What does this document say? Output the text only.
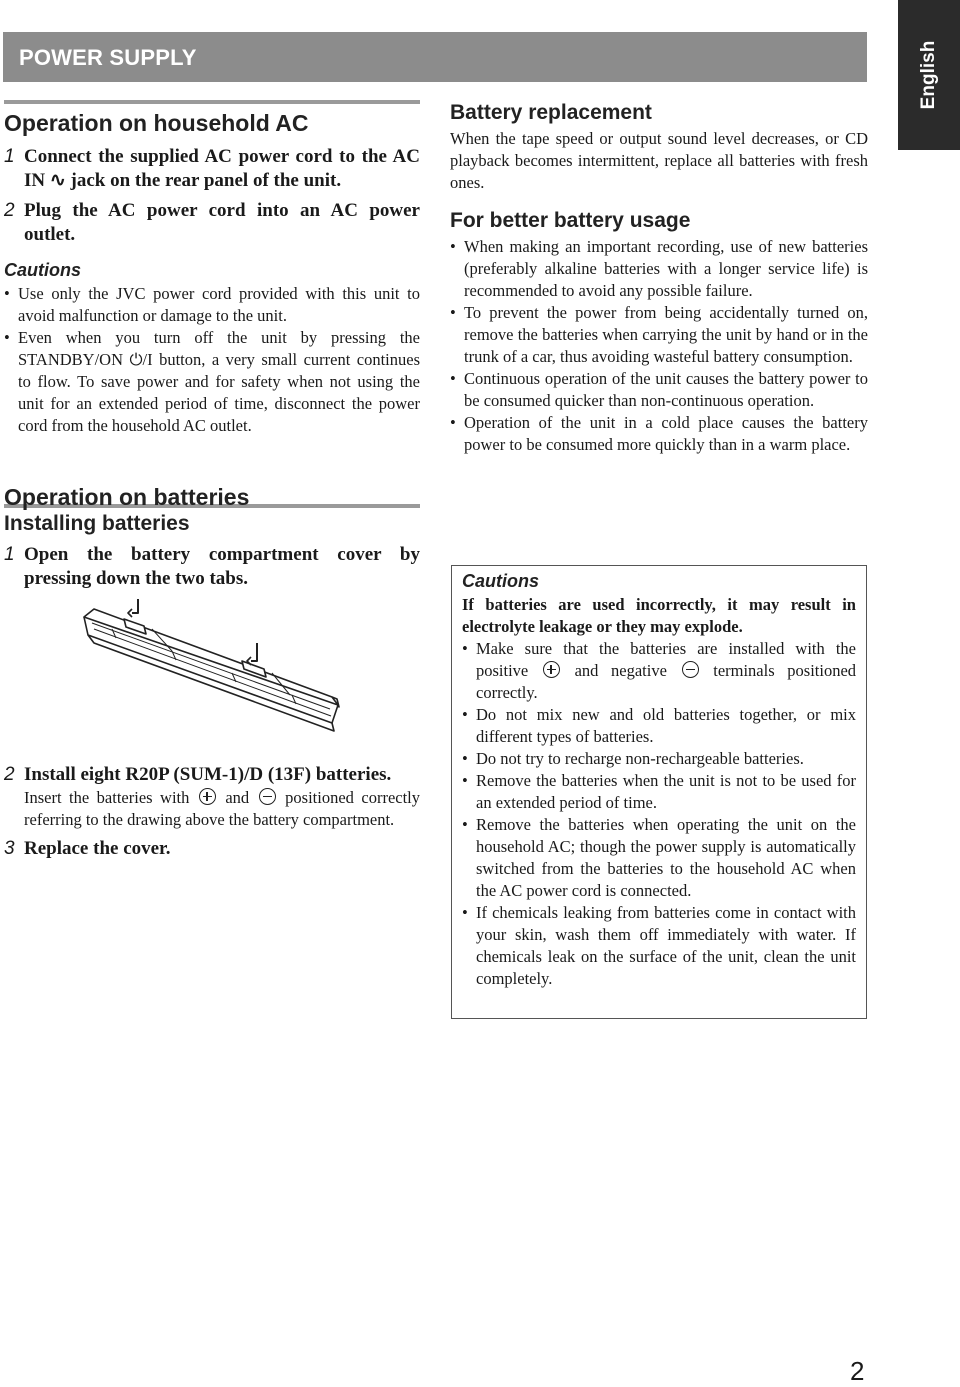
POWER SUPPLY	English
Operation on household AC
1 Connect the supplied AC power cord to the AC IN ∿ jack on the rear panel of the unit.
2 Plug the AC power cord into an AC power outlet.
Cautions
• Use only the JVC power cord provided with this unit to avoid malfunction or damage to the unit.
• Even when you turn off the unit by pressing the STANDBY/ON ⏻/I button, a very small current continues to flow. To save power and for safety when not using the unit for an extended period of time, disconnect the power cord from the household AC outlet.
Operation on batteries
Installing batteries
1 Open the battery compartment cover by pressing down the two tabs.
2 Install eight R20P (SUM-1)/D (13F) batteries.
Insert the batteries with and positioned correctly referring to the drawing above the battery compartment.
3 Replace the cover.
Battery replacement
When the tape speed or output sound level decreases, or CD playback becomes intermittent, replace all batteries with fresh ones.
For better battery usage
• When making an important recording, use of new batteries (preferably alkaline batteries with a longer service life) is recommended to avoid any possible failure.
• To prevent the power from being accidentally turned on, remove the batteries when carrying the unit by hand or in the trunk of a car, thus avoiding wasteful battery consumption.
• Continuous operation of the unit causes the battery power to be consumed quicker than non-continuous operation.
• Operation of the unit in a cold place causes the battery power to be consumed more quickly than in a warm place.
Cautions
If batteries are used incorrectly, it may result in electrolyte leakage or they may explode.
• Make sure that the batteries are installed with the positive	and negative	terminals positioned correctly.
• Do not mix new and old batteries together, or mix different types of batteries.
• Do not try to recharge non-rechargeable batteries.
• Remove the batteries when the unit is not to be used for an extended period of time.
• Remove the batteries when operating the unit on the household AC; though the power supply is automatically switched from the batteries to the household AC when the AC power cord is connected.
• If chemicals leaking from batteries come in contact with your skin, wash them off immediately with water. If chemicals leak on the surface of the unit, clean the unit completely.
2
